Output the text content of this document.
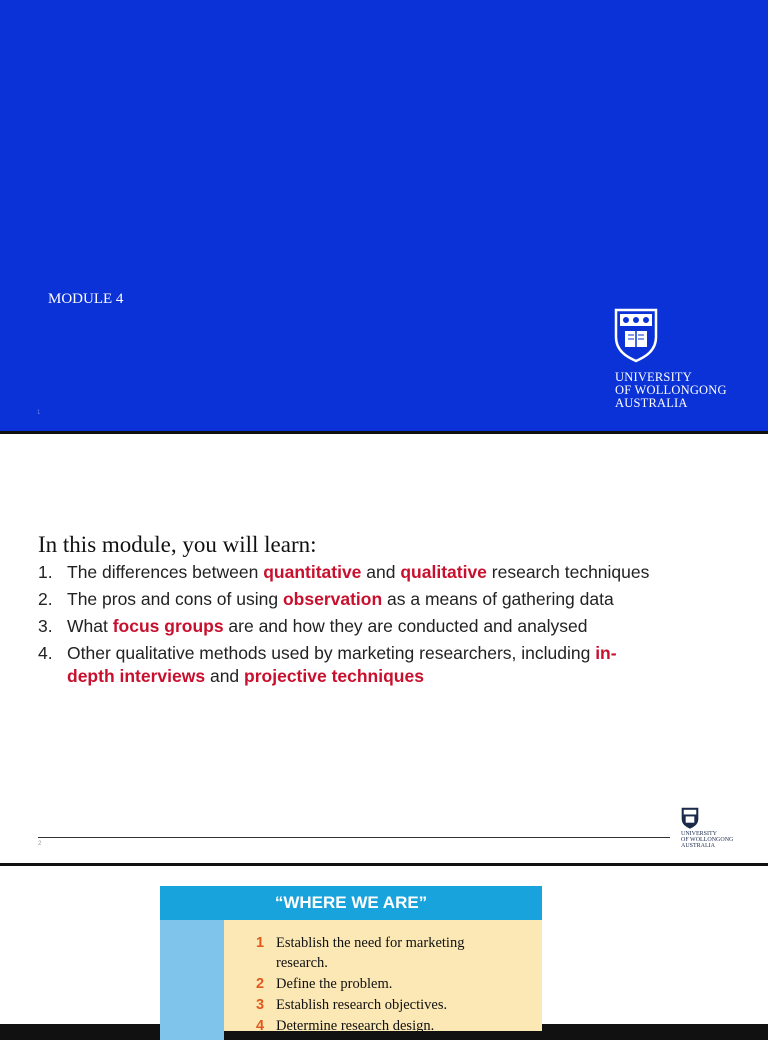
MODULE 4
1
UNIVERSITY
OF WOLLONGONG
AUSTRALIA
In this module, you will learn:
1. The differences between quantitative and qualitative research techniques
2. The pros and cons of using observation as a means of gathering data
3. What focus groups are and how they are conducted and analysed
4. Other qualitative methods used by marketing researchers, including in-depth interviews and projective techniques
2
UNIVERSITY
OF WOLLONGONG
AUSTRALIA
“WHERE WE ARE”
1 Establish the need for marketing research.
2 Define the problem.
3 Establish research objectives.
4 Determine research design.
